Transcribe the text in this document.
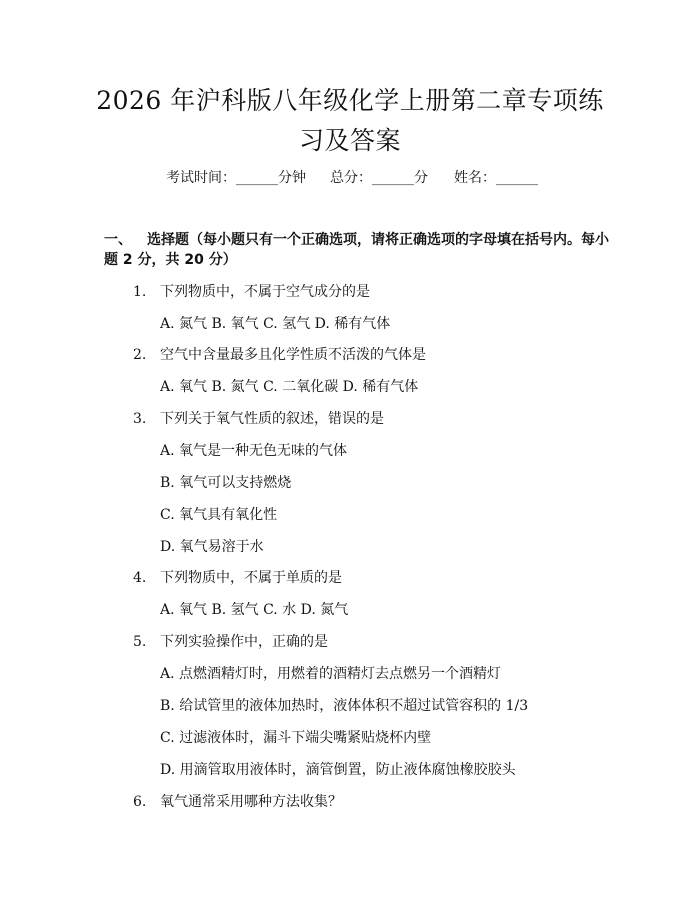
2026 年沪科版八年级化学上册第二章专项练
习及答案
考试时间：______分钟 总分：______分 姓名：______
一、 选择题（每小题只有一个正确选项，请将正确选项的字母填在括号内。每小
题 2 分，共 20 分）
1. 下列物质中，不属于空气成分的是
A. 氮气 B. 氧气 C. 氢气 D. 稀有气体
2. 空气中含量最多且化学性质不活泼的气体是
A. 氧气 B. 氮气 C. 二氧化碳 D. 稀有气体
3. 下列关于氧气性质的叙述，错误的是
A. 氧气是一种无色无味的气体
B. 氧气可以支持燃烧
C. 氧气具有氧化性
D. 氧气易溶于水
4. 下列物质中，不属于单质的是
A. 氧气 B. 氢气 C. 水 D. 氮气
5. 下列实验操作中，正确的是
A. 点燃酒精灯时，用燃着的酒精灯去点燃另一个酒精灯
B. 给试管里的液体加热时，液体体积不超过试管容积的 1/3
C. 过滤液体时，漏斗下端尖嘴紧贴烧杯内壁
D. 用滴管取用液体时，滴管倒置，防止液体腐蚀橡胶胶头
6. 氧气通常采用哪种方法收集？
